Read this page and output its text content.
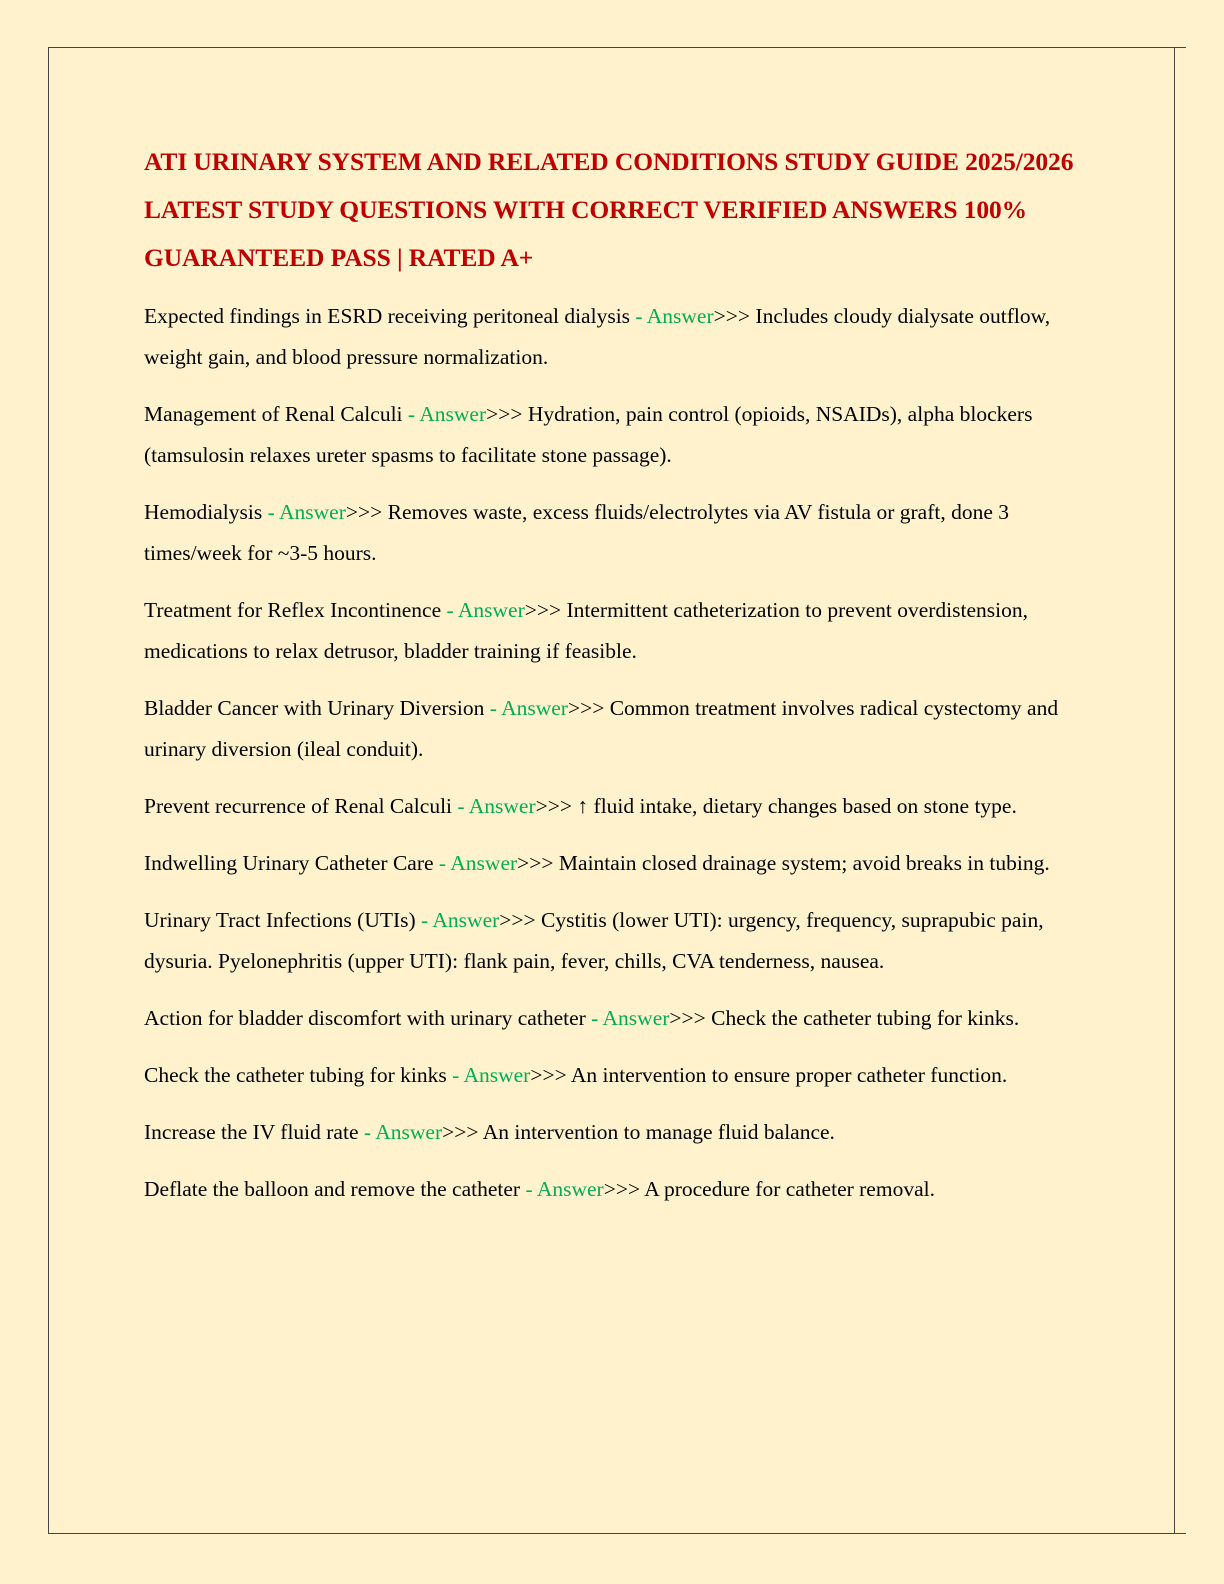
ATI URINARY SYSTEM AND RELATED CONDITIONS STUDY GUIDE 2025/2026 LATEST STUDY QUESTIONS WITH CORRECT VERIFIED ANSWERS 100% GUARANTEED PASS | RATED A+

Expected findings in ESRD receiving peritoneal dialysis - Answer>>> Includes cloudy dialysate outflow, weight gain, and blood pressure normalization.

Management of Renal Calculi - Answer>>> Hydration, pain control (opioids, NSAIDs), alpha blockers (tamsulosin relaxes ureter spasms to facilitate stone passage).

Hemodialysis - Answer>>> Removes waste, excess fluids/electrolytes via AV fistula or graft, done 3 times/week for ~3-5 hours.

Treatment for Reflex Incontinence - Answer>>> Intermittent catheterization to prevent overdistension, medications to relax detrusor, bladder training if feasible.

Bladder Cancer with Urinary Diversion - Answer>>> Common treatment involves radical cystectomy and urinary diversion (ileal conduit).

Prevent recurrence of Renal Calculi - Answer>>> ↑ fluid intake, dietary changes based on stone type.

Indwelling Urinary Catheter Care - Answer>>> Maintain closed drainage system; avoid breaks in tubing.

Urinary Tract Infections (UTIs) - Answer>>> Cystitis (lower UTI): urgency, frequency, suprapubic pain, dysuria. Pyelonephritis (upper UTI): flank pain, fever, chills, CVA tenderness, nausea.

Action for bladder discomfort with urinary catheter - Answer>>> Check the catheter tubing for kinks.

Check the catheter tubing for kinks - Answer>>> An intervention to ensure proper catheter function.

Increase the IV fluid rate - Answer>>> An intervention to manage fluid balance.

Deflate the balloon and remove the catheter - Answer>>> A procedure for catheter removal.
